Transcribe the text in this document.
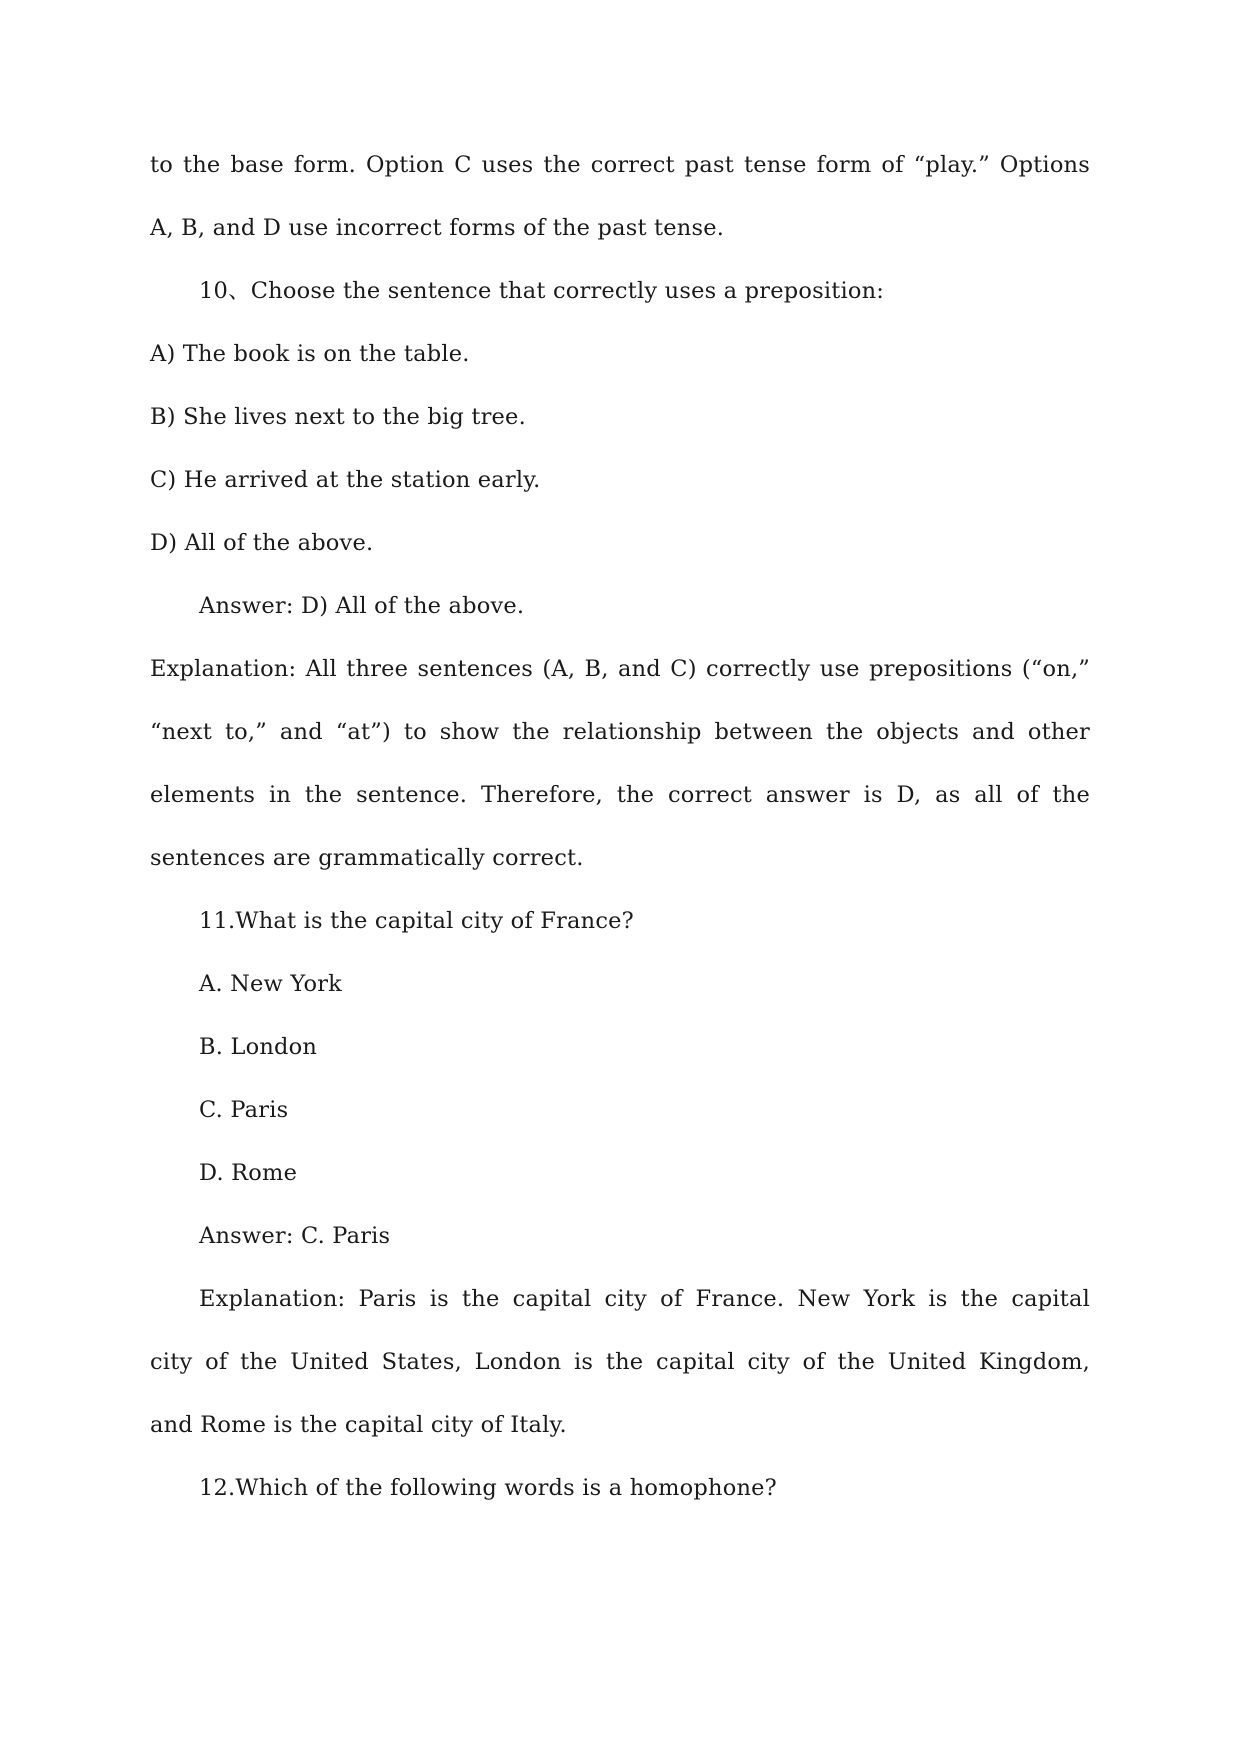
to the base form. Option C uses the correct past tense form of “play.” Options
A, B, and D use incorrect forms of the past tense.
10、Choose the sentence that correctly uses a preposition:
A) The book is on the table.
B) She lives next to the big tree.
C) He arrived at the station early.
D) All of the above.
Answer: D) All of the above.
Explanation: All three sentences (A, B, and C) correctly use prepositions (“on,”
“next to,” and “at”) to show the relationship between the objects and other
elements in the sentence. Therefore, the correct answer is D, as all of the
sentences are grammatically correct.
11.What is the capital city of France?
A. New York
B. London
C. Paris
D. Rome
Answer: C. Paris
Explanation: Paris is the capital city of France. New York is the capital
city of the United States, London is the capital city of the United Kingdom,
and Rome is the capital city of Italy.
12.Which of the following words is a homophone?
